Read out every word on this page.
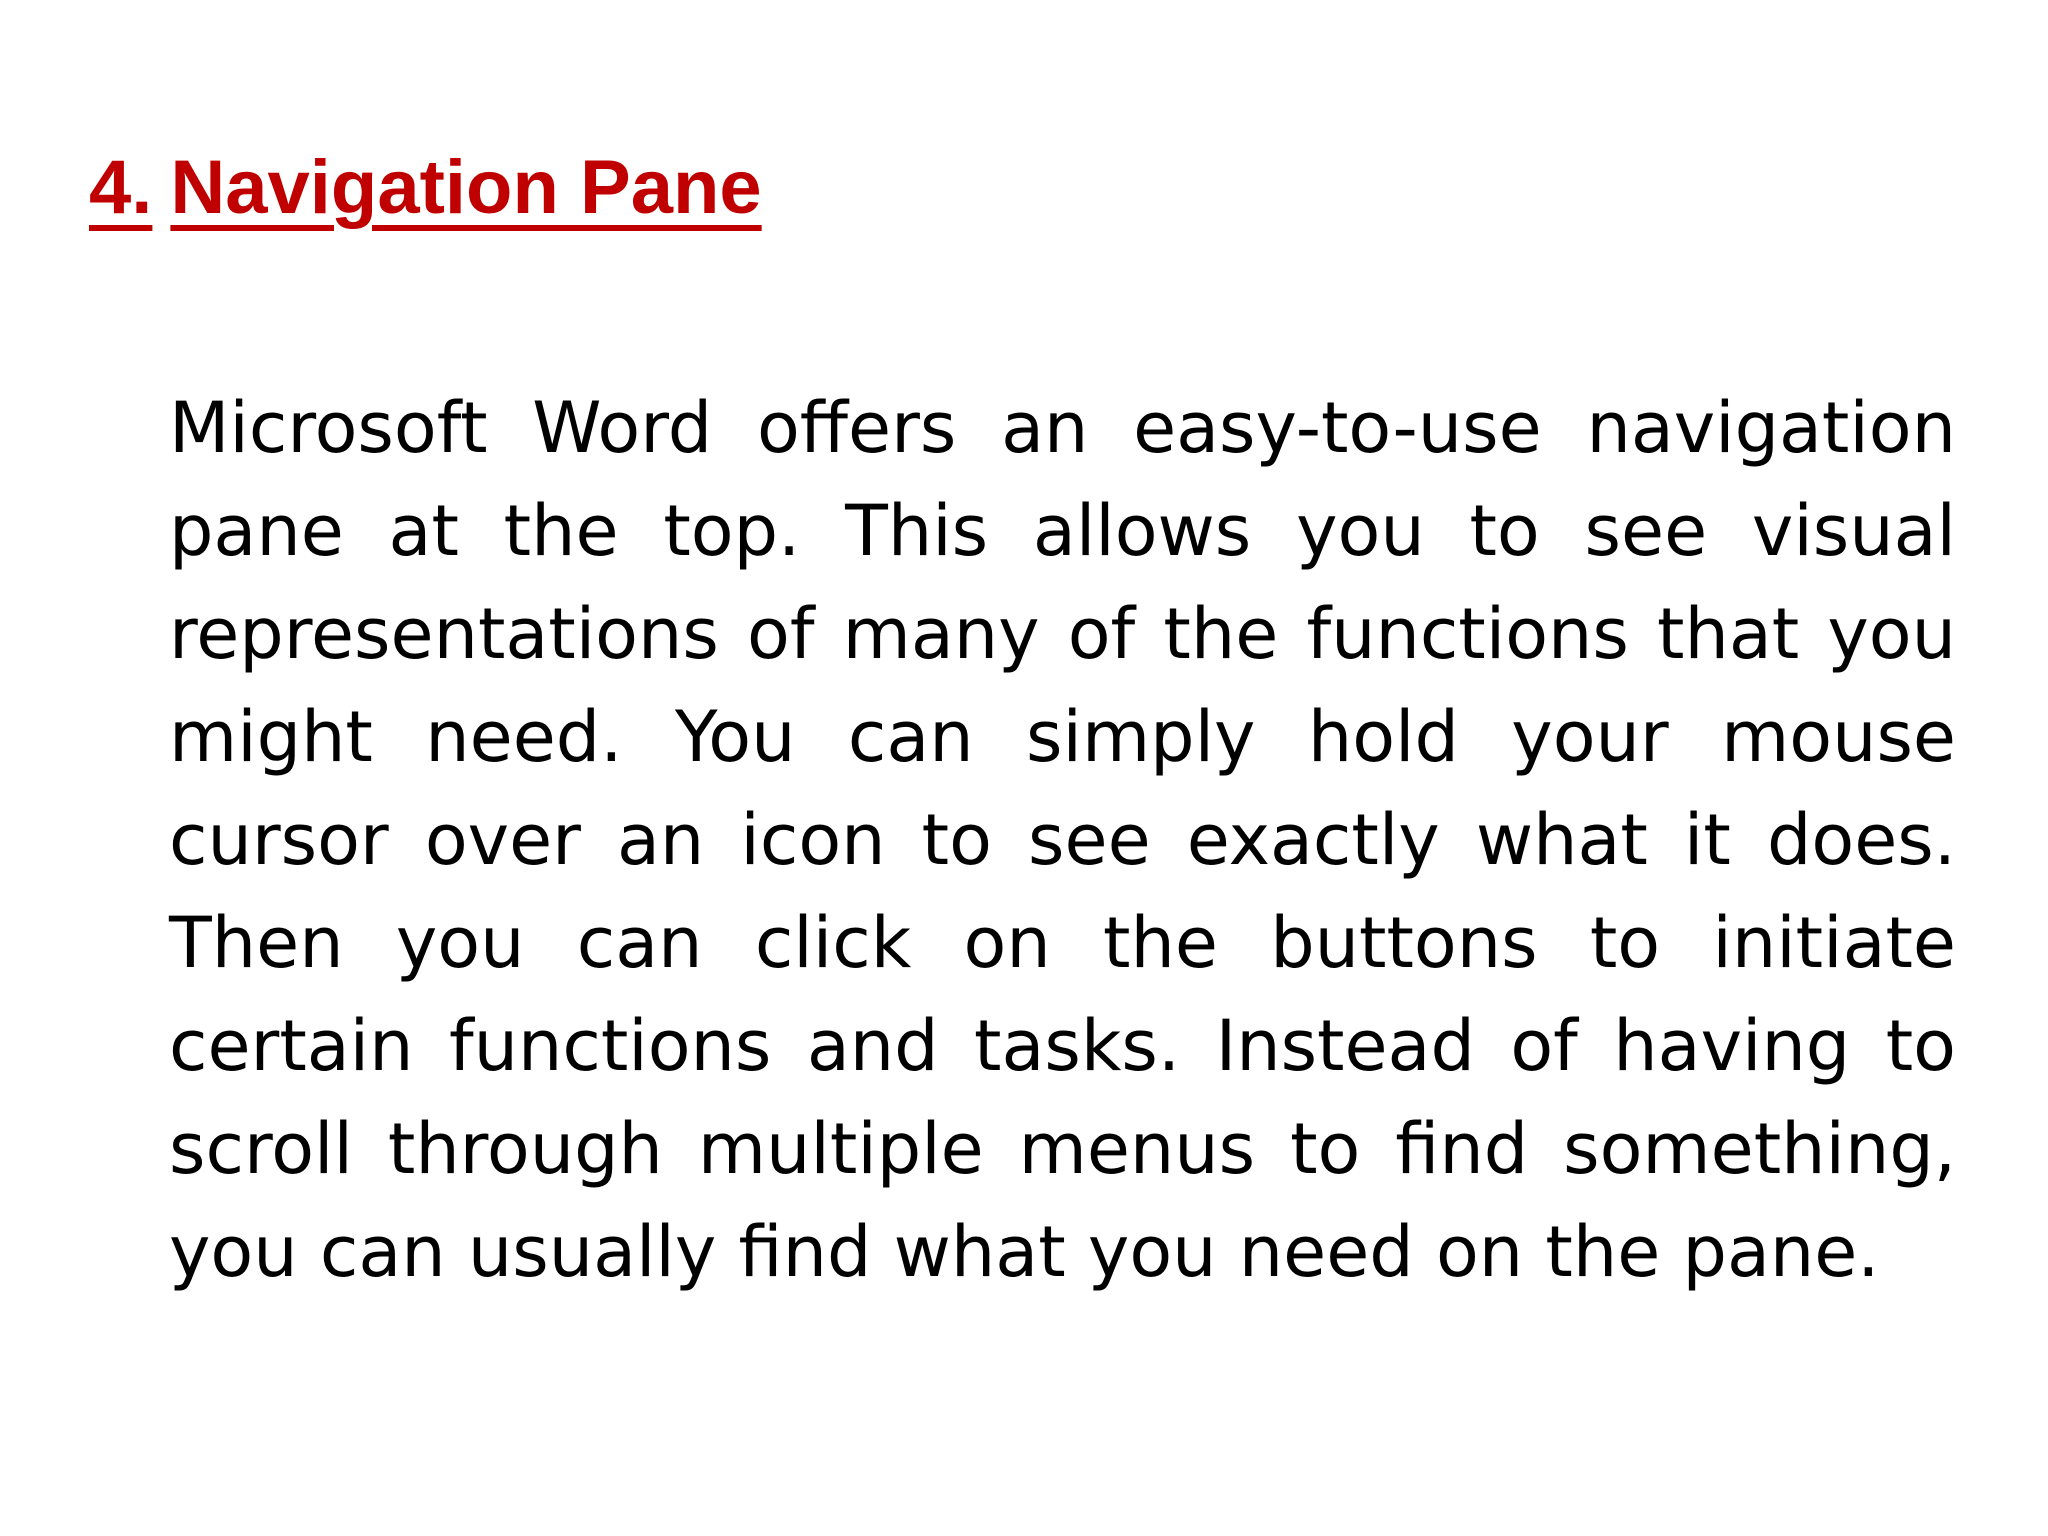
4. Navigation Pane

Microsoft Word offers an easy-to-use navigation pane at the top. This allows you to see visual representations of many of the functions that you might need. You can simply hold your mouse cursor over an icon to see exactly what it does. Then you can click on the buttons to initiate certain functions and tasks. Instead of having to scroll through multiple menus to find something, you can usually find what you need on the pane.
